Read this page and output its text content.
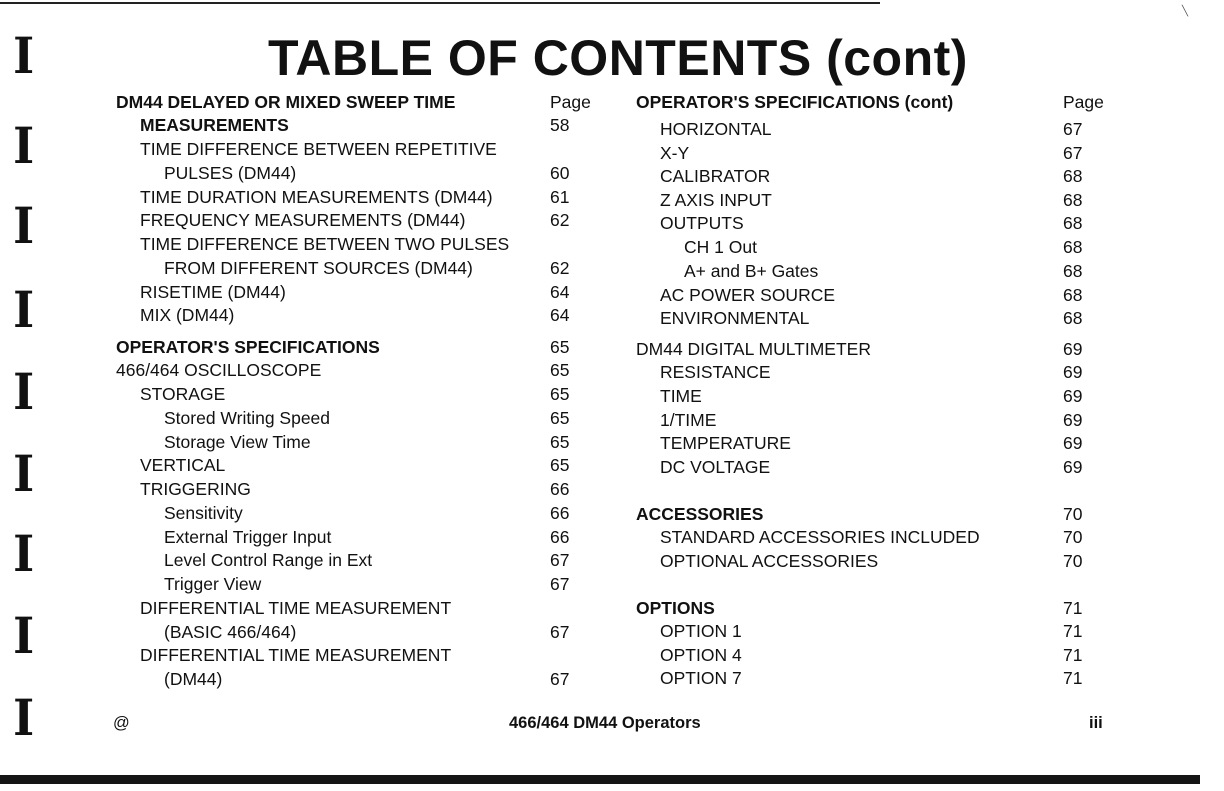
╲
Ι
Ι
Ι
Ι
Ι
Ι
Ι
Ι
Ι
TABLE OF CONTENTS (cont)
DM44 DELAYED OR MIXED SWEEP TIME	Page
MEASUREMENTS	58
TIME DIFFERENCE BETWEEN REPETITIVE
PULSES (DM44)	60
TIME DURATION MEASUREMENTS (DM44)	61
FREQUENCY MEASUREMENTS (DM44)	62
TIME DIFFERENCE BETWEEN TWO PULSES
FROM DIFFERENT SOURCES (DM44)	62
RISETIME (DM44)	64
MIX (DM44)	64
OPERATOR'S SPECIFICATIONS	65
466/464 OSCILLOSCOPE	65
STORAGE	65
Stored Writing Speed	65
Storage View Time	65
VERTICAL	65
TRIGGERING	66
Sensitivity	66
External Trigger Input	66
Level Control Range in Ext	67
Trigger View	67
DIFFERENTIAL TIME MEASUREMENT
(BASIC 466/464)	67
DIFFERENTIAL TIME MEASUREMENT
(DM44)	67
OPERATOR'S SPECIFICATIONS (cont)	Page
HORIZONTAL	67
X-Y	67
CALIBRATOR	68
Z AXIS INPUT	68
OUTPUTS	68
CH 1 Out	68
A+ and B+ Gates	68
AC POWER SOURCE	68
ENVIRONMENTAL	68
DM44 DIGITAL MULTIMETER	69
RESISTANCE	69
TIME	69
1/TIME	69
TEMPERATURE	69
DC VOLTAGE	69
ACCESSORIES	70
STANDARD ACCESSORIES INCLUDED	70
OPTIONAL ACCESSORIES	70
OPTIONS	71
OPTION 1	71
OPTION 4	71
OPTION 7	71
@	466/464 DM44 Operators	iii
